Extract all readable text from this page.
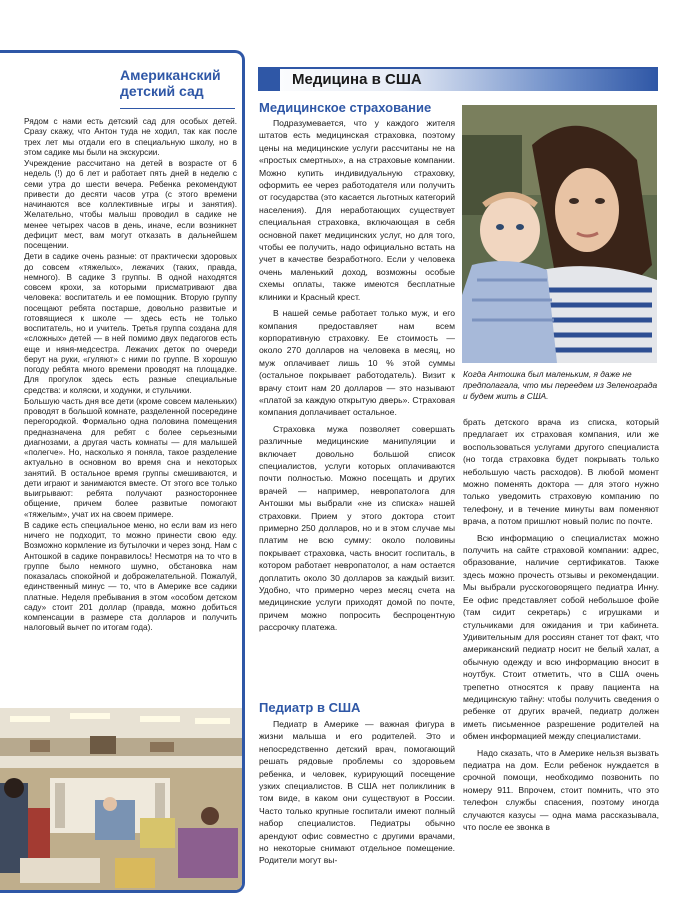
Американский детский сад

Рядом с нами есть детский сад для особых детей. Сразу скажу, что Антон туда не ходил, так как после трех лет мы отдали его в специальную школу, но в этом садике мы были на экскурсии.

Учреждение рассчитано на детей в возрасте от 6 недель (!) до 6 лет и работает пять дней в неделю с семи утра до шести вечера. Ребенка рекомендуют привести до десяти часов утра (с этого времени начинаются все коллективные игры и занятия). Желательно, чтобы малыш проводил в садике не менее четырех часов в день, иначе, если возникнет дефицит мест, вам могут отказать в дальнейшем посещении.

Дети в садике очень разные: от практически здоровых до совсем «тяжелых», лежачих (таких, правда, немного). В садике 3 группы. В одной находятся совсем крохи, за которыми присматривают два человека: воспитатель и ее помощник. Вторую группу посещают ребята постарше, довольно развитые и готовящиеся к школе — здесь есть не только воспитатель, но и учитель. Третья группа создана для «сложных» детей — в ней помимо двух педагогов есть еще и няня-медсестра. Лежачих деток по очереди берут на руки, «гуляют» с ними по группе. В хорошую погоду ребята много времени проводят на площадке. Для прогулок здесь есть разные специальные средства: и коляски, и ходунки, и стульчики.

Большую часть дня все дети (кроме совсем маленьких) проводят в большой комнате, разделенной посередине перегородкой. Формально одна половина помещения предназначена для ребят с более серьезными диагнозами, а другая часть комнаты — для малышей «полегче». Но, насколько я поняла, такое разделение актуально в основном во время сна и некоторых занятий. В остальное время группы смешиваются, и дети играют и занимаются вместе. От этого все только выигрывают: ребята получают разностороннее общение, причем более развитые помогают «тяжелым», учат их на своем примере.

В садике есть специальное меню, но если вам из него ничего не подходит, то можно принести свою еду. Возможно кормление из бутылочки и через зонд. Нам с Антошкой в садике понравилось! Несмотря на то что в группе было немного шумно, обстановка нам показалась спокойной и доброжелательной. Пожалуй, единственный минус — то, что в Америке все садики платные. Неделя пребывания в этом «особом детском саду» стоит 201 доллар (правда, можно добиться компенсации в размере ста долларов и получить налоговый вычет по итогам года).

Медицина в США
Медицинское страхование

Подразумевается, что у каждого жителя штатов есть медицинская страховка, поэтому цены на медицинские услуги рассчитаны не на «простых смертных», а на страховые компании. Можно купить индивидуальную страховку, оформить ее через работодателя или получить от государства (это касается льготных категорий населения). Для неработающих существует специальная страховка, включающая в себя основной пакет медицинских услуг, но для того, чтобы ее получить, надо официально встать на учет в качестве безработного. Если у человека очень маленький доход, возможны особые схемы оплаты, также имеются бесплатные клиники и Красный крест.

В нашей семье работает только муж, и его компания предоставляет нам всем корпоративную страховку. Ее стоимость — около 270 долларов на человека в месяц, но муж оплачивает лишь 10 % этой суммы (остальное покрывает работодатель). Визит к врачу стоит нам 20 долларов — это называют «платой за каждую открытую дверь». Страховая компания доплачивает остальное.

Страховка мужа позволяет совершать различные медицинские манипуляции и включает довольно большой список специалистов, услуги которых оплачиваются почти полностью. Можно посещать и других врачей — например, невропатолога для Антошки мы выбрали «не из списка» нашей страховки. Прием у этого доктора стоит примерно 250 долларов, но и в этом случае мы платим не всю сумму: около половины покрывает страховка, часть вносит госпиталь, в котором работает невропатолог, а нам остается доплатить около 30 долларов за каждый визит. Удобно, что примерно через месяц счета на медицинские услуги приходят домой по почте, причем можно попросить беспроцентную рассрочку платежа.

Педиатр в США

Педиатр в Америке — важная фигура в жизни малыша и его родителей. Это и непосредственно детский врач, помогающий решать рядовые проблемы со здоровьем ребенка, и человек, курирующий посещение узких специалистов. В США нет поликлиник в том виде, в каком они существуют в России. Часто только крупные госпитали имеют полный набор специалистов. Педиатры обычно арендуют офис совместно с другими врачами, но некоторые снимают отдельное помещение. Родители могут вы-

Когда Антошка был маленьким, я даже не предполагала, что мы переедем из Зеленограда и будем жить в США.

брать детского врача из списка, который предлагает их страховая компания, или же воспользоваться услугами другого специалиста (но тогда страховка будет покрывать только небольшую часть расходов). В любой момент можно поменять доктора — для этого нужно только уведомить страховую компанию по телефону, и в течение минуты вам поменяют врача, а потом пришлют новый полис по почте.

Всю информацию о специалистах можно получить на сайте страховой компании: адрес, образование, наличие сертификатов. Также здесь можно прочесть отзывы и рекомендации. Мы выбрали русскоговорящего педиатра Инну. Ее офис представляет собой небольшое фойе (там сидит секретарь) с игрушками и стульчиками для ожидания и три кабинета. Удивительным для россиян станет тот факт, что американский педиатр носит не белый халат, а обычную одежду и всю информацию вносит в ноутбук. Стоит отметить, что в США очень трепетно относятся к праву пациента на медицинскую тайну: чтобы получить сведения о ребенке от других врачей, педиатр должен иметь письменное разрешение родителей на обмен информацией между специалистами.

Надо сказать, что в Америке нельзя вызвать педиатра на дом. Если ребенок нуждается в срочной помощи, необходимо позвонить по номеру 911. Впрочем, стоит помнить, что это телефон службы спасения, поэтому иногда случаются казусы — одна мама рассказывала, что после ее звонка в
